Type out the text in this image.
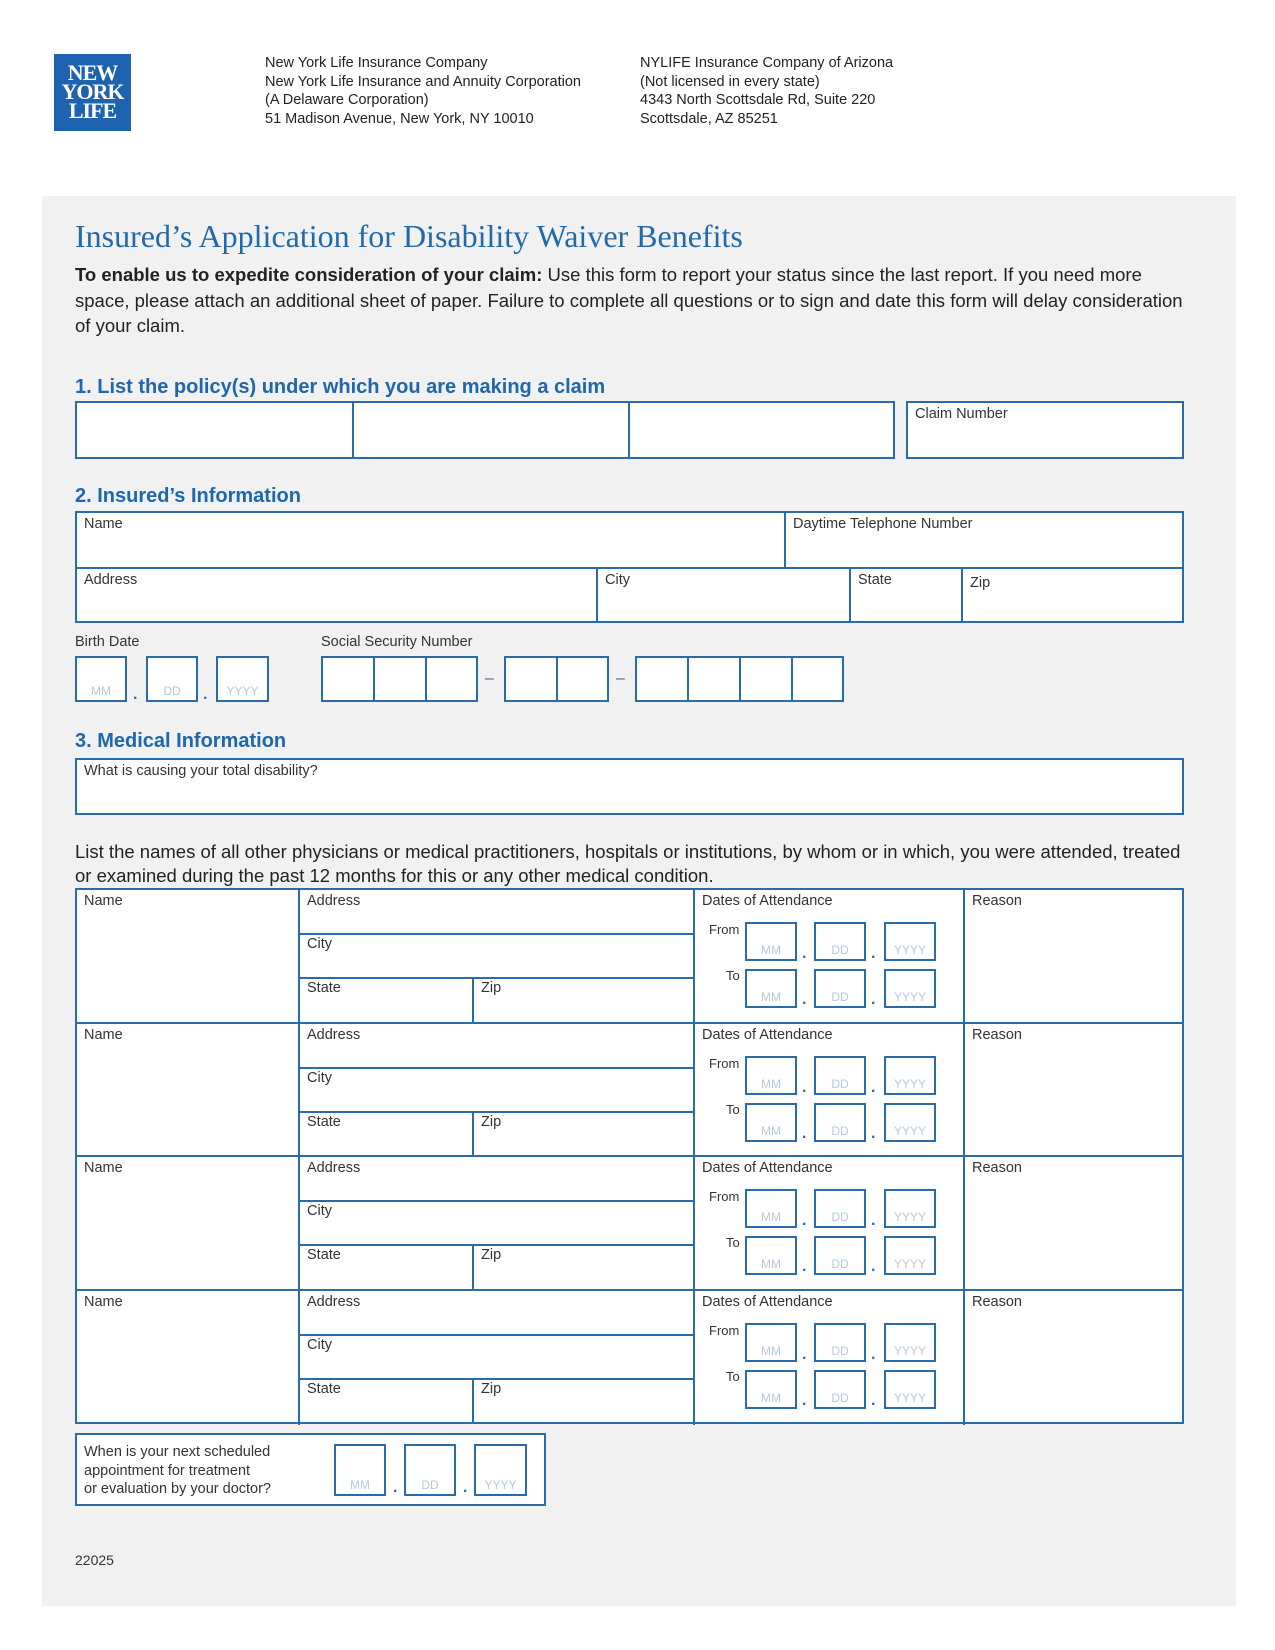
NEW
YORK
LIFE
New York Life Insurance Company
New York Life Insurance and Annuity Corporation
(A Delaware Corporation)
51 Madison Avenue, New York, NY 10010
NYLIFE Insurance Company of Arizona
(Not licensed in every state)
4343 North Scottsdale Rd, Suite 220
Scottsdale, AZ 85251
Insured’s Application for Disability Waiver Benefits
To enable us to expedite consideration of your claim: Use this form to report your status since the last report. If you need more space, please attach an additional sheet of paper. Failure to complete all questions or to sign and date this form will delay consideration of your claim.
1. List the policy(s) under which you are making a claim
Claim Number
2. Insured’s Information
Name	Daytime Telephone Number
Address	City	State	Zip
Birth Date
MM	.	DD	.	YYYY
Social Security Number
–	–
3. Medical Information
What is causing your total disability?
List the names of all other physicians or medical practitioners, hospitals or institutions, by whom or in which, you were attended, treated or examined during the past 12 months for this or any other medical condition.
Name	Address
City
State	Zip
Dates of Attendance
From
To
MM	.	DD	.	YYYY
MM	.	DD	.	YYYY
Reason
Name	Address
City
State	Zip
Dates of Attendance
From
To
MM	.	DD	.	YYYY
MM	.	DD	.	YYYY
Reason
Name	Address
City
State	Zip
Dates of Attendance
From
To
MM	.	DD	.	YYYY
MM	.	DD	.	YYYY
Reason
Name	Address
City
State	Zip
Dates of Attendance
From
To
MM	.	DD	.	YYYY
MM	.	DD	.	YYYY
Reason
When is your next scheduled
appointment for treatment
or evaluation by your doctor?	MM	.	DD	.	YYYY
22025
